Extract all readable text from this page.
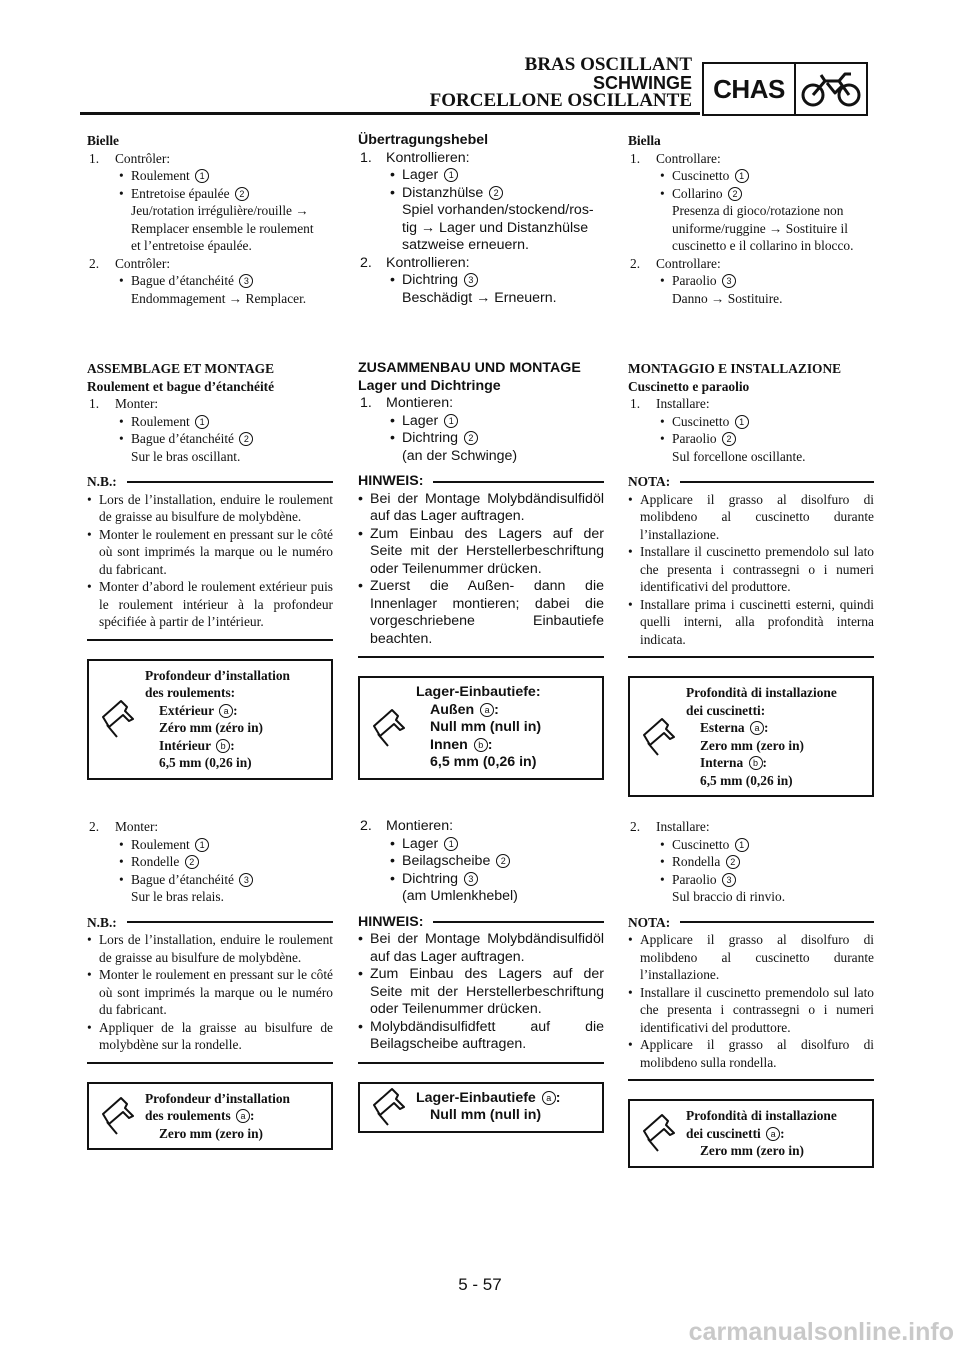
BRAS OSCILLANT
SCHWINGE
FORCELLONE OSCILLANTE CHAS
Bielle
1. Contrôler:
• Roulement 1
• Entretoise épaulée 2
Jeu/rotation irrégulière/rouille →
Remplacer ensemble le roulement
et l’entretoise épaulée.
2. Contrôler:
• Bague d’étanchéité 3
Endommagement → Remplacer.
ASSEMBLAGE ET MONTAGE
Roulement et bague d’étanchéité
1. Monter:
• Roulement 1
• Bague d’étanchéité 2
Sur le bras oscillant.
N.B.:
• Lors de l’installation, enduire le roulement de graisse au bisulfure de molybdène.
• Monter le roulement en pressant sur le côté où sont imprimés la marque ou le numéro du fabricant.
• Monter d’abord le roulement extérieur puis le roulement intérieur à la profondeur spécifiée à partir de l’intérieur.
Profondeur d’installation
des roulements:
Extérieur a :
Zéro mm (zéro in)
Intérieur b :
6,5 mm (0,26 in)
2. Monter:
• Roulement 1
• Rondelle 2
• Bague d’étanchéité 3
Sur le bras relais.
N.B.:
• Lors de l’installation, enduire le roulement de graisse au bisulfure de molybdène.
• Monter le roulement en pressant sur le côté où sont imprimés la marque ou le numéro du fabricant.
• Appliquer de la graisse au bisulfure de molybdène sur la rondelle.
Profondeur d’installation
des roulements a :
Zero mm (zero in)
Übertragungshebel
1. Kontrollieren:
• Lager 1
• Distanzhülse 2
Spiel vorhanden/stockend/ros-
tig → Lager und Distanzhülse
satzweise erneuern.
2. Kontrollieren:
• Dichtring 3
Beschädigt → Erneuern.
ZUSAMMENBAU UND MONTAGE
Lager und Dichtringe
1. Montieren:
• Lager 1
• Dichtring 2
(an der Schwinge)
HINWEIS:
• Bei der Montage Molybdändisulfidöl auf das Lager auftragen.
• Zum Einbau des Lagers auf der Seite mit der Herstellerbeschriftung oder Teilenummer drücken.
• Zuerst die Außen- dann die Innenlager montieren; dabei die vorgeschriebene Einbautiefe beachten.
Lager-Einbautiefe:
Außen a :
Null mm (null in)
Innen b :
6,5 mm (0,26 in)
2. Montieren:
• Lager 1
• Beilagscheibe 2
• Dichtring 3
(am Umlenkhebel)
HINWEIS:
• Bei der Montage Molybdändisulfidöl auf das Lager auftragen.
• Zum Einbau des Lagers auf der Seite mit der Herstellerbeschriftung oder Teilenummer drücken.
• Molybdändisulfidfett auf die Beilagscheibe auftragen.
Lager-Einbautiefe a :
Null mm (null in)
Biella
1. Controllare:
• Cuscinetto 1
• Collarino 2
Presenza di gioco/rotazione non
uniforme/ruggine → Sostituire il
cuscinetto e il collarino in blocco.
2. Controllare:
• Paraolio 3
Danno → Sostituire.
MONTAGGIO E INSTALLAZIONE
Cuscinetto e paraolio
1. Installare:
• Cuscinetto 1
• Paraolio 2
Sul forcellone oscillante.
NOTA:
• Applicare il grasso al disolfuro di molibdeno al cuscinetto durante l’installazione.
• Installare il cuscinetto premendolo sul lato che presenta i contrassegni o i numeri identificativi del produttore.
• Installare prima i cuscinetti esterni, quindi quelli interni, alla profondità interna indicata.
Profondità di installazione
dei cuscinetti:
Esterna a :
Zero mm (zero in)
Interna b :
6,5 mm (0,26 in)
2. Installare:
• Cuscinetto 1
• Rondella 2
• Paraolio 3
Sul braccio di rinvio.
NOTA:
• Applicare il grasso al disolfuro di molibdeno al cuscinetto durante l’installazione.
• Installare il cuscinetto premendolo sul lato che presenta i contrassegni o i numeri identificativi del produttore.
• Applicare il grasso al disolfuro di molibdeno sulla rondella.
Profondità di installazione
dei cuscinetti a :
Zero mm (zero in)
5 - 57
carmanualsonline.info
